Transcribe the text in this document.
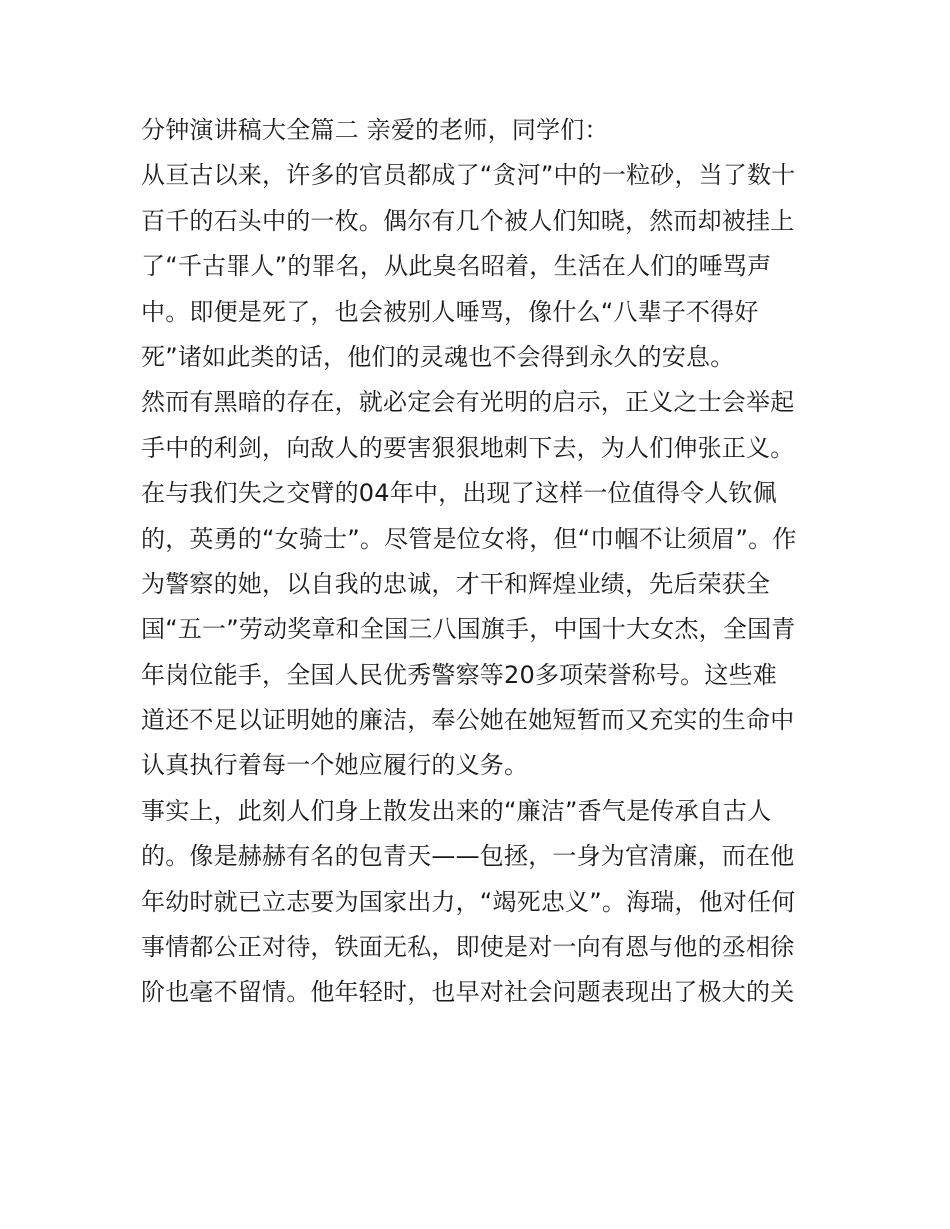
分钟演讲稿大全篇二 亲爱的老师，同学们：
从亘古以来，许多的官员都成了“贪河”中的一粒砂，当了数十
百千的石头中的一枚。偶尔有几个被人们知晓，然而却被挂上
了“千古罪人”的罪名，从此臭名昭着，生活在人们的唾骂声
中。即便是死了，也会被别人唾骂，像什么“八辈子不得好
死”诸如此类的话，他们的灵魂也不会得到永久的安息。
然而有黑暗的存在，就必定会有光明的启示，正义之士会举起
手中的利剑，向敌人的要害狠狠地刺下去，为人们伸张正义。
在与我们失之交臂的04年中，出现了这样一位值得令人钦佩
的，英勇的“女骑士”。尽管是位女将，但“巾帼不让须眉”。作
为警察的她，以自我的忠诚，才干和辉煌业绩，先后荣获全
国“五一”劳动奖章和全国三八国旗手，中国十大女杰，全国青
年岗位能手，全国人民优秀警察等20多项荣誉称号。这些难
道还不足以证明她的廉洁，奉公她在她短暂而又充实的生命中
认真执行着每一个她应履行的义务。
事实上，此刻人们身上散发出来的“廉洁”香气是传承自古人
的。像是赫赫有名的包青天——包拯，一身为官清廉，而在他
年幼时就已立志要为国家出力，“竭死忠义”。海瑞，他对任何
事情都公正对待，铁面无私，即使是对一向有恩与他的丞相徐
阶也毫不留情。他年轻时，也早对社会问题表现出了极大的关
